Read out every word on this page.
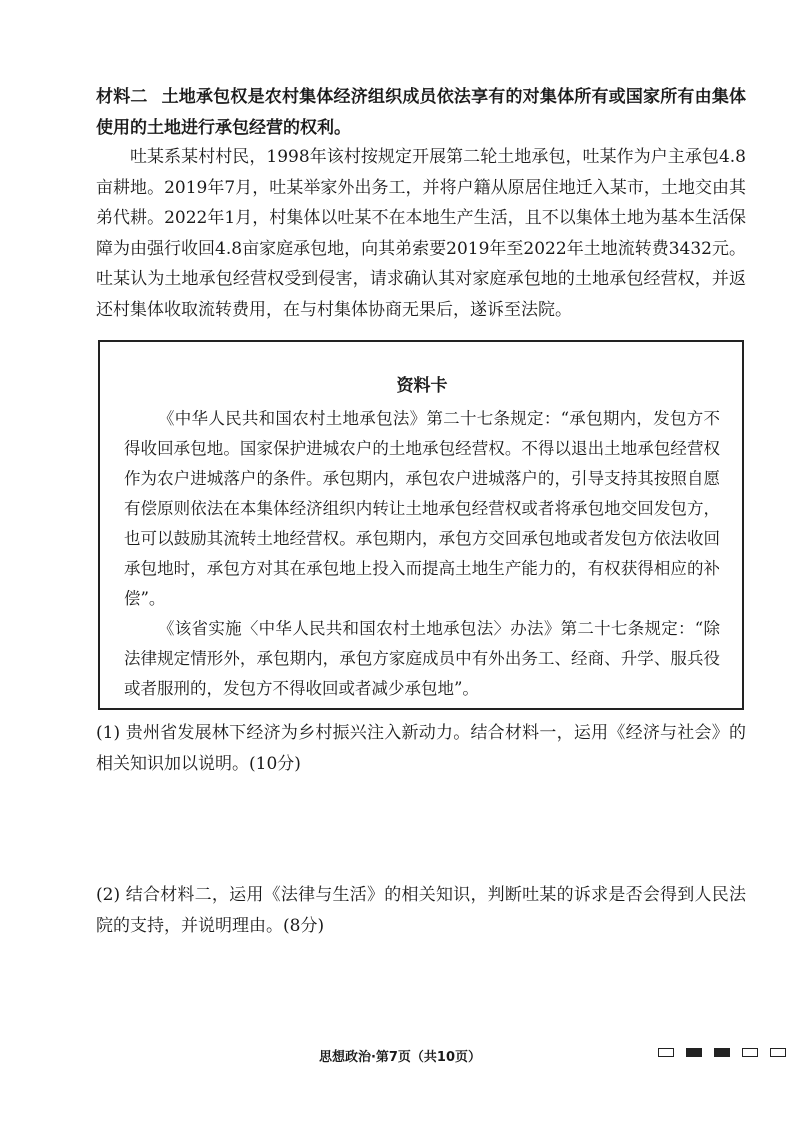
材料二 土地承包权是农村集体经济组织成员依法享有的对集体所有或国家所有由集体使用的土地进行承包经营的权利。
吐某系某村村民，1998年该村按规定开展第二轮土地承包，吐某作为户主承包4.8亩耕地。2019年7月，吐某举家外出务工，并将户籍从原居住地迁入某市，土地交由其弟代耕。2022年1月，村集体以吐某不在本地生产生活，且不以集体土地为基本生活保障为由强行收回4.8亩家庭承包地，向其弟索要2019年至2022年土地流转费3432元。吐某认为土地承包经营权受到侵害，请求确认其对家庭承包地的土地承包经营权，并返还村集体收取流转费用，在与村集体协商无果后，遂诉至法院。
资料卡

《中华人民共和国农村土地承包法》第二十七条规定：“承包期内，发包方不得收回承包地。国家保护进城农户的土地承包经营权。不得以退出土地承包经营权作为农户进城落户的条件。承包期内，承包农户进城落户的，引导支持其按照自愿有偿原则依法在本集体经济组织内转让土地承包经营权或者将承包地交回发包方，也可以鼓励其流转土地经营权。承包期内，承包方交回承包地或者发包方依法收回承包地时，承包方对其在承包地上投入而提高土地生产能力的，有权获得相应的补偿”。

《该省实施〈中华人民共和国农村土地承包法〉办法》第二十七条规定：“除法律规定情形外，承包期内，承包方家庭成员中有外出务工、经商、升学、服兵役或者服刑的，发包方不得收回或者减少承包地”。

(1) 贵州省发展林下经济为乡村振兴注入新动力。结合材料一，运用《经济与社会》的相关知识加以说明。(10分)
(2) 结合材料二，运用《法律与生活》的相关知识，判断吐某的诉求是否会得到人民法院的支持，并说明理由。(8分)
思想政治·第7页（共10页）
